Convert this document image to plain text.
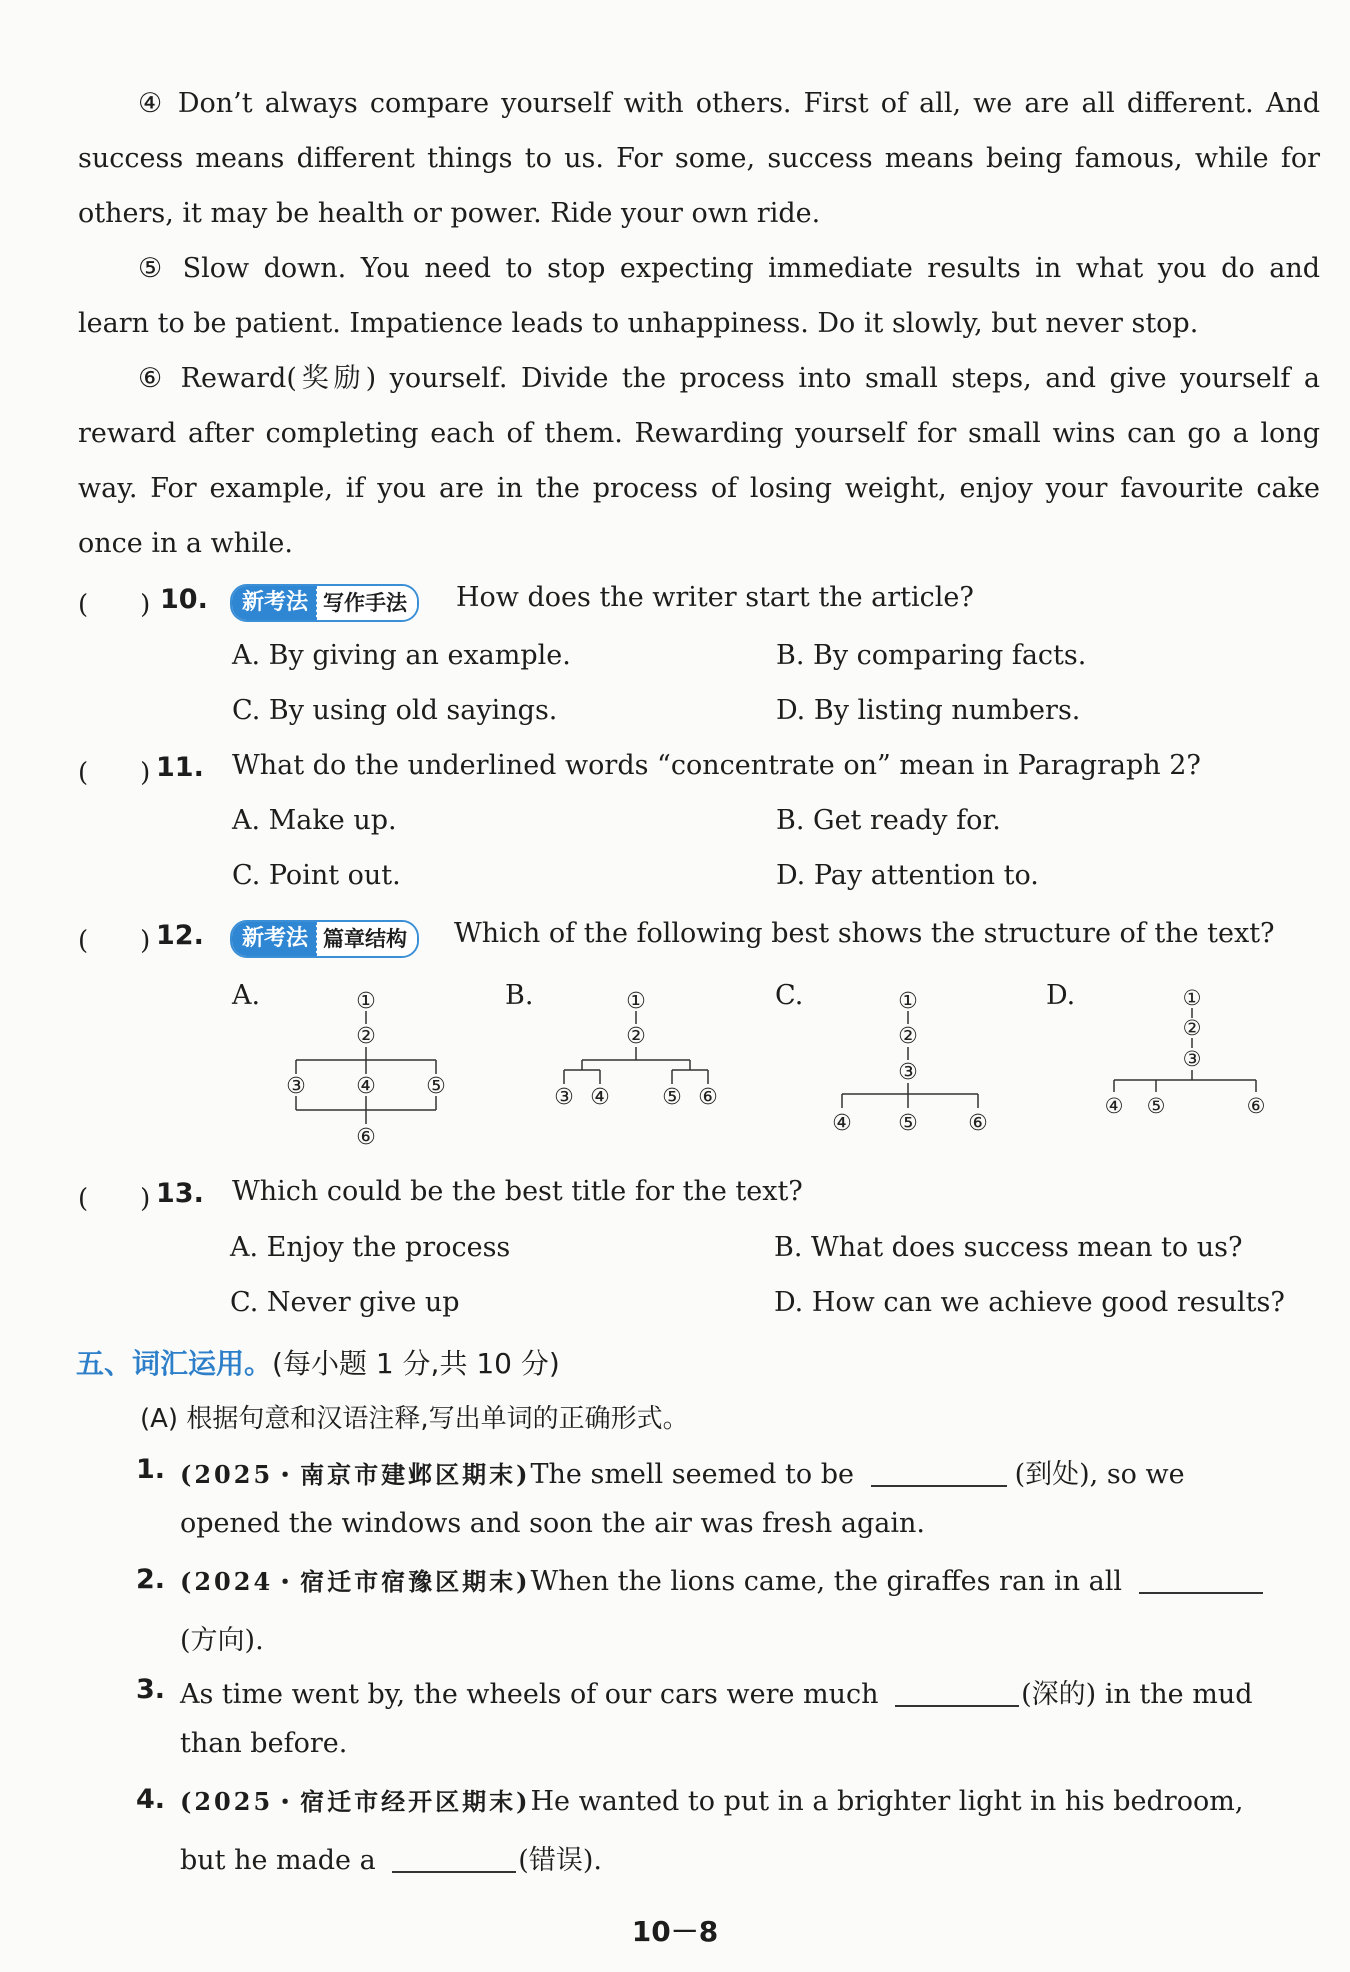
④ Don’t always compare yourself with others. First of all, we are all different. And
success means different things to us. For some, success means being famous, while for
others, it may be health or power. Ride your own ride.
⑤ Slow down. You need to stop expecting immediate results in what you do and
learn to be patient. Impatience leads to unhappiness. Do it slowly, but never stop.
⑥ Reward(奖励) yourself. Divide the process into small steps, and give yourself a
reward after completing each of them. Rewarding yourself for small wins can go a long
way. For example, if you are in the process of losing weight, enjoy your favourite cake
once in a while.
(　　) 10.	新考法 写作手法	How does the writer start the article?
A. By giving an example.	B. By comparing facts.
C. By using old sayings.	D. By listing numbers.
(　　) 11. What do the underlined words “concentrate on” mean in Paragraph 2?
A. Make up.	B. Get ready for.
C. Point out.	D. Pay attention to.
(　　) 12.	新考法 篇章结构	Which of the following best shows the structure of the text?
A.	B.	C.	D.
①
②
③ ④ ⑤
⑥
①
②
③ ④ ⑤ ⑥
①
②
③
④ ⑤ ⑥
①
②
③
④ ⑤	⑥
(　　) 13. Which could be the best title for the text?
A. Enjoy the process	B. What does success mean to us?
C. Never give up	D. How can we achieve good results?
五、词汇运用。(每小题 1 分,共 10 分)
(A) 根据句意和汉语注释,写出单词的正确形式。
1. (2025・南京市建邺区期末)The smell seemed to be	(到处), so we
opened the windows and soon the air was fresh again.
2. (2024・宿迁市宿豫区期末)When the lions came, the giraffes ran in all
(方向).
3. As time went by, the wheels of our cars were much	(深的) in the mud
than before.
4. (2025・宿迁市经开区期末)He wanted to put in a brighter light in his bedroom,
but he made a	(错误).
10－8
